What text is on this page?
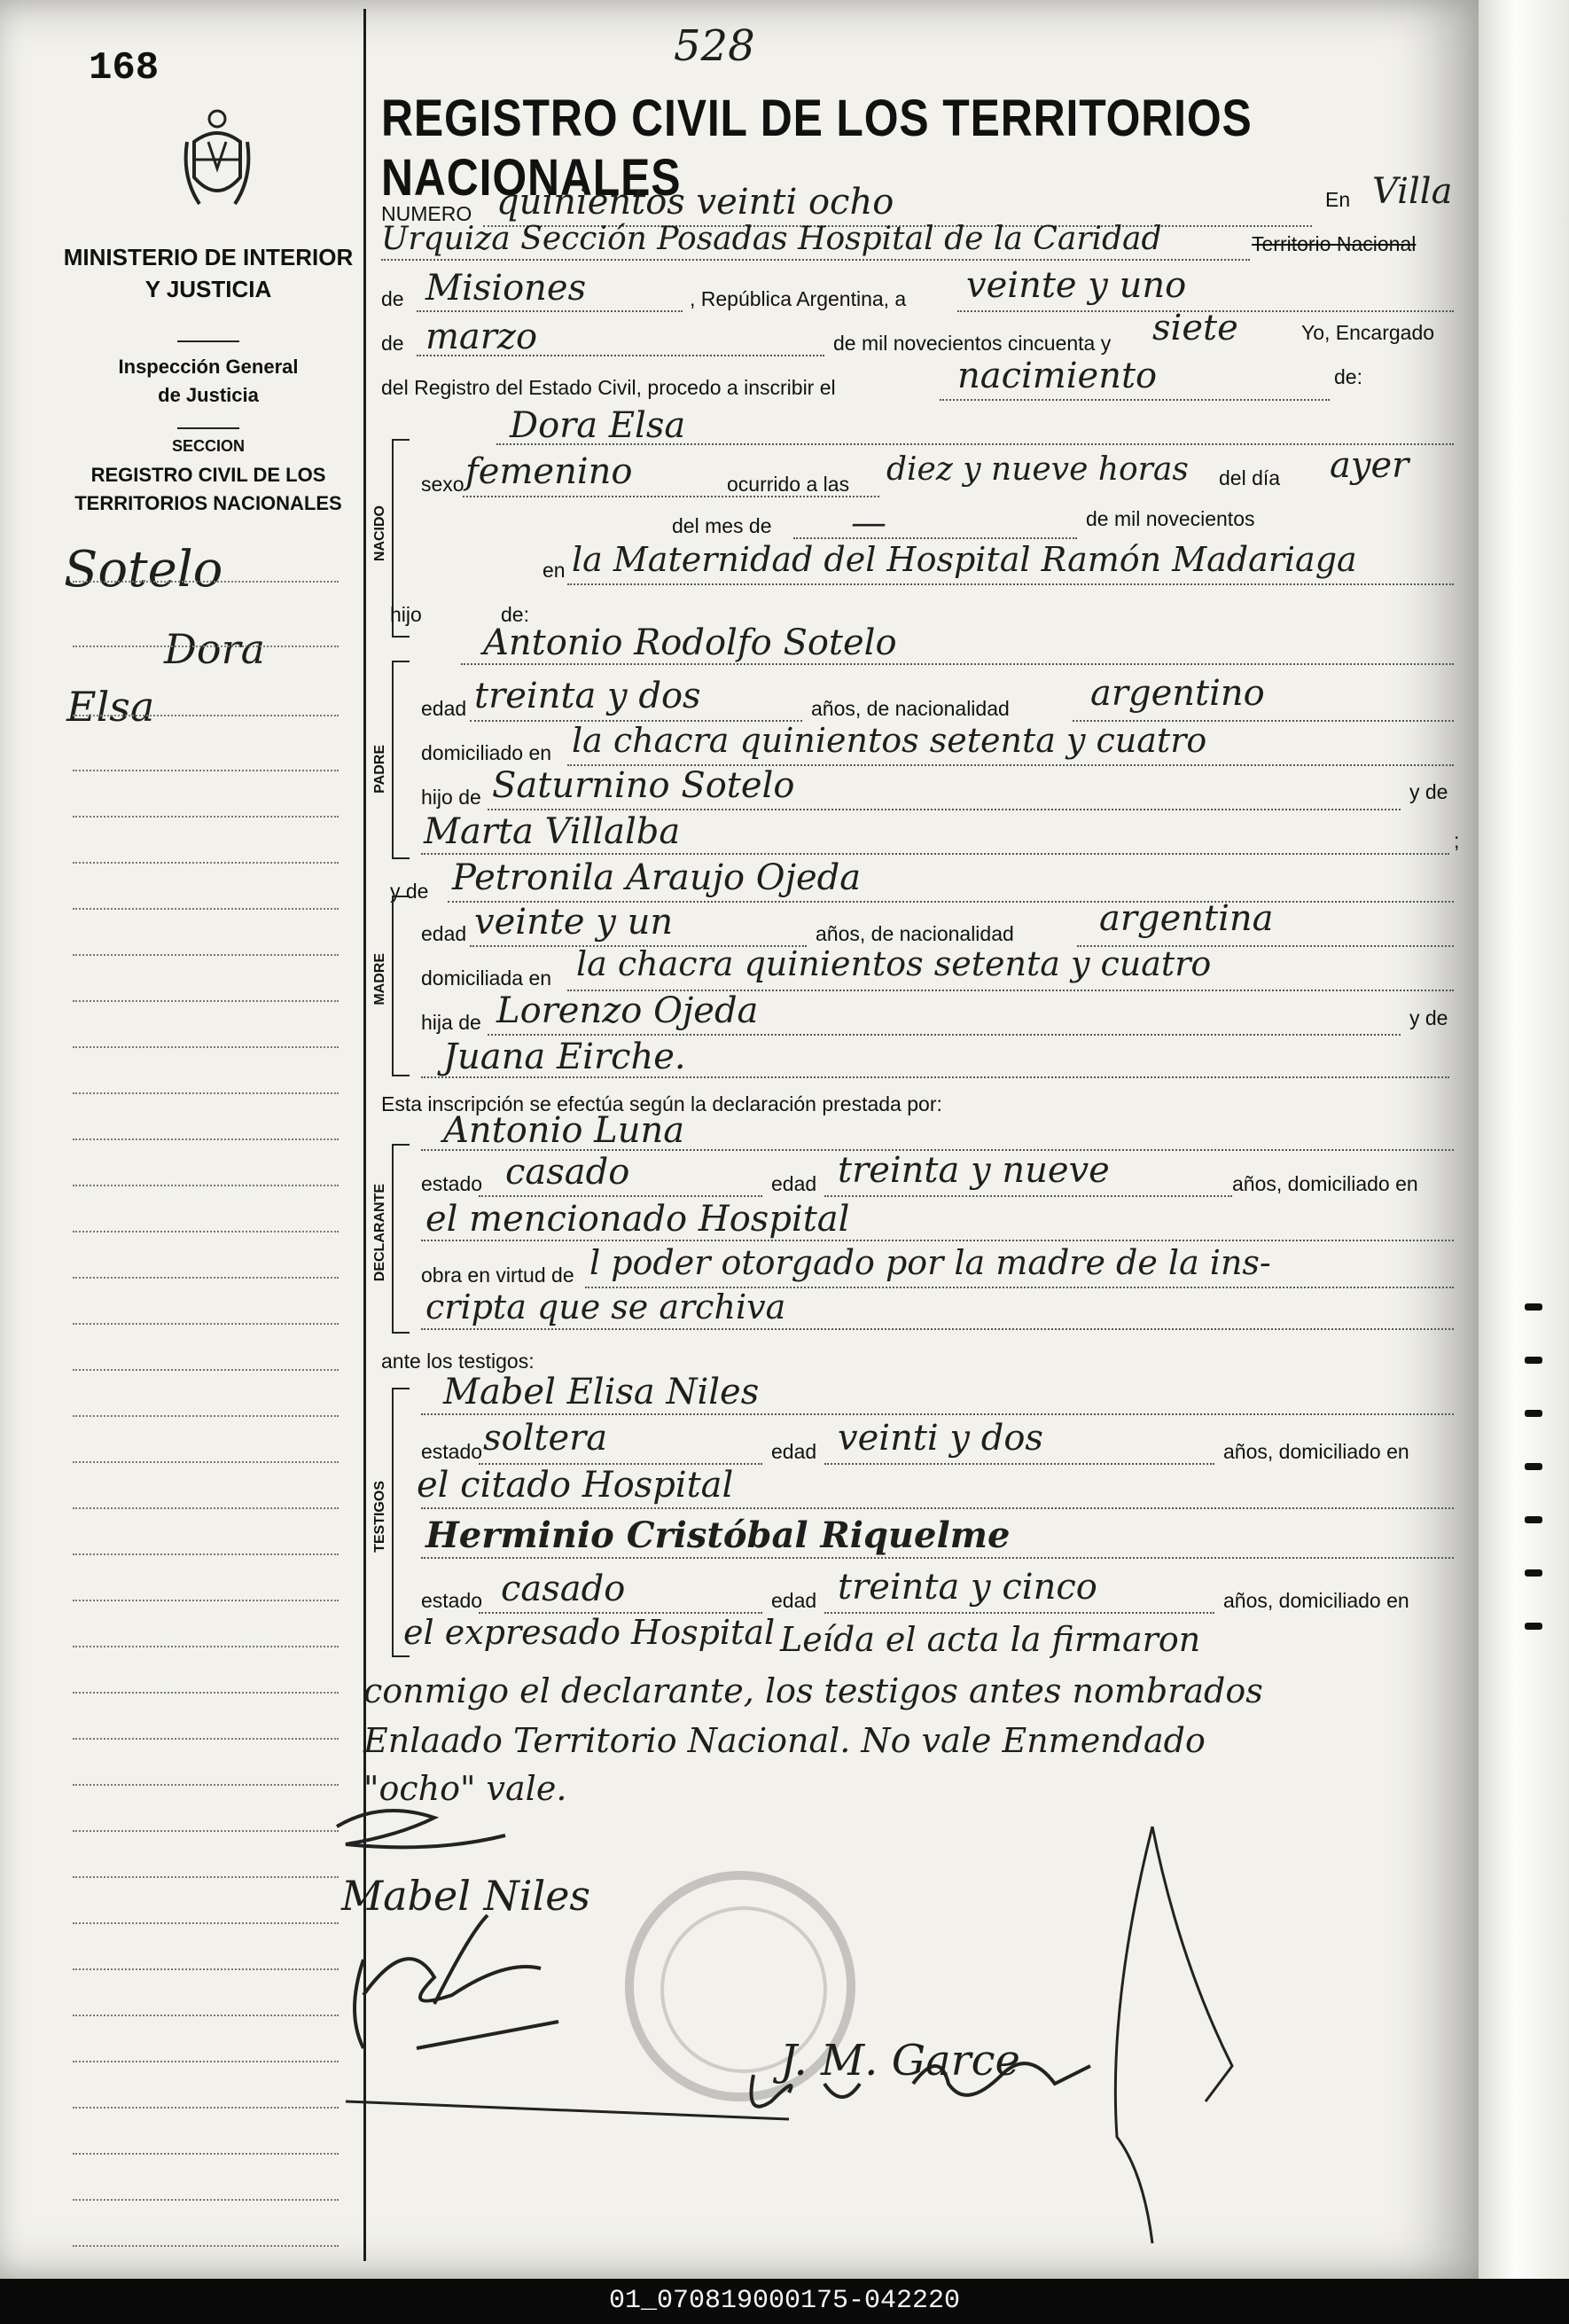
168	528
MINISTERIO DE INTERIOR
Y JUSTICIA
Inspección General
de Justicia
SECCION
REGISTRO CIVIL DE LOS
TERRITORIOS NACIONALES
Sotelo
Dora
Elsa
REGISTRO CIVIL DE LOS TERRITORIOS NACIONALES
NUMERO quinientos veinti ocho	En Villa
Urquiza Sección Posadas Hospital de la Caridad	Territorio Nacional
de Misiones	, República Argentina, a veinte y uno
de marzo	de mil novecientos cincuenta y siete	Yo, Encargado
del Registro del Estado Civil, procedo a inscribir el	nacimiento	de:
Dora Elsa
NACIDO
sexo femenino	ocurrido a las diez y nueve horas del día ayer
del mes de —	de mil novecientos
en la Maternidad del Hospital Ramón Madariaga
hijo	de:
Antonio Rodolfo Sotelo
PADRE
edad treinta y dos	años, de nacionalidad argentino
domiciliado en la chacra quinientos setenta y cuatro
hijo de Saturnino Sotelo	y de
Marta Villalba	;
y de Petronila Araujo Ojeda
MADRE
edad veinte y un	años, de nacionalidad argentina
domiciliada en la chacra quinientos setenta y cuatro
hija de Lorenzo Ojeda	y de
Juana Eirche.
Esta inscripción se efectúa según la declaración prestada por:
Antonio Luna
DECLARANTE estado casado	edad treinta y nueve	años, domiciliado en
el mencionado Hospital
obra en virtud de l poder otorgado por la madre de la ins-
cripta que se archiva
ante los testigos:
Mabel Elisa Niles
TESTIGOS
estado soltera	edad veinti y dos	años, domiciliado en
el citado Hospital
Herminio Cristóbal Riquelme
estado casado	edad treinta y cinco	años, domiciliado en
el expresado Hospital Leída el acta la firmaron
conmigo el declarante, los testigos antes nombrados
Enlaado Territorio Nacional. No vale Enmendado
"ocho" vale.
Mabel Niles
J. M. Garce
01_070819000175-042220
